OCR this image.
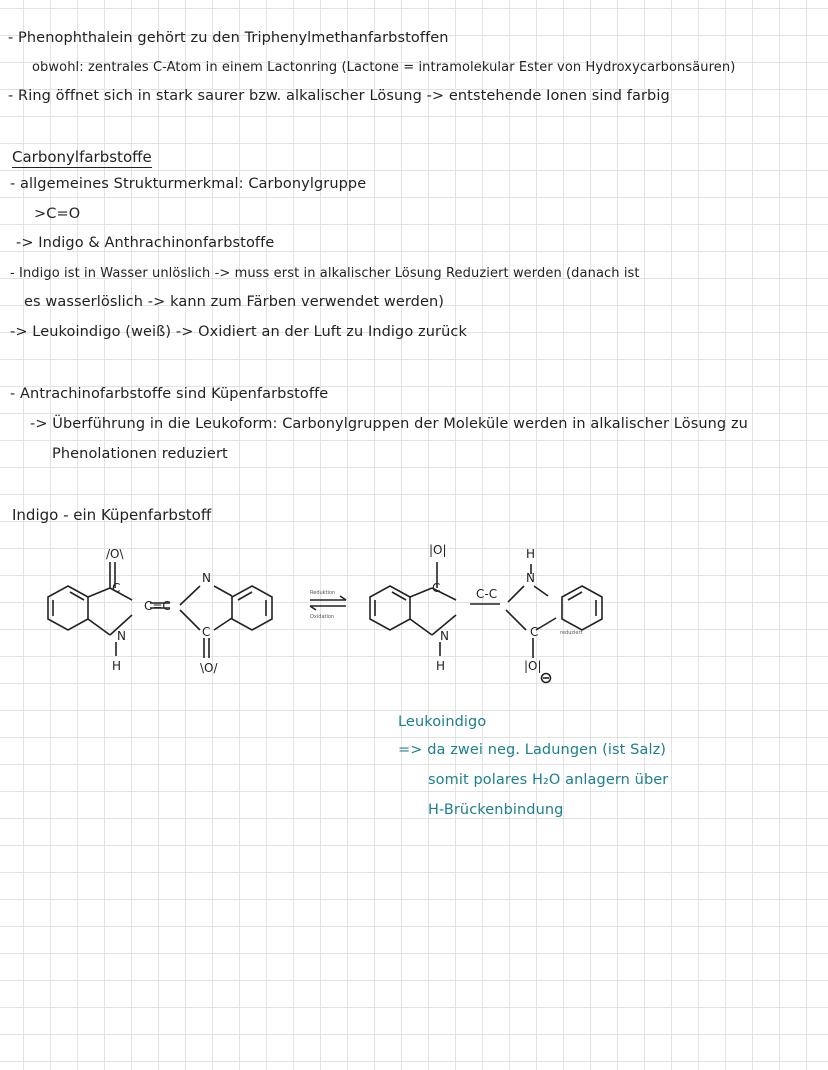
- Phenophthalein gehört zu den Triphenylmethanfarbstoffen
obwohl: zentrales C-Atom in einem Lactonring (Lactone = intramolekular Ester von Hydroxycarbonsäuren)
- Ring öffnet sich in stark saurer bzw. alkalischer Lösung -> entstehende Ionen sind farbig
Carbonylfarbstoffe
- allgemeines Strukturmerkmal: Carbonylgruppe
>C=O
-> Indigo & Anthrachinonfarbstoffe
- Indigo ist in Wasser unlöslich -> muss erst in alkalischer Lösung Reduziert werden (danach ist
es wasserlöslich -> kann zum Färben verwendet werden)
-> Leukoindigo (weiß) -> Oxidiert an der Luft zu Indigo zurück
- Antrachinofarbstoffe sind Küpenfarbstoffe
-> Überführung in die Leukoform: Carbonylgruppen der Moleküle werden in alkalischer Lösung zu
Phenolationen reduziert
Indigo - ein Küpenfarbstoff
/O\
C
N
H
C=C
N
C
\O/
|O|
C
N
H
C-C
H
N
C
|O|
Reduktion
Oxidation
reduziert
Leukoindigo
=> da zwei neg. Ladungen (ist Salz)
somit polares H₂O anlagern über
H-Brückenbindung
